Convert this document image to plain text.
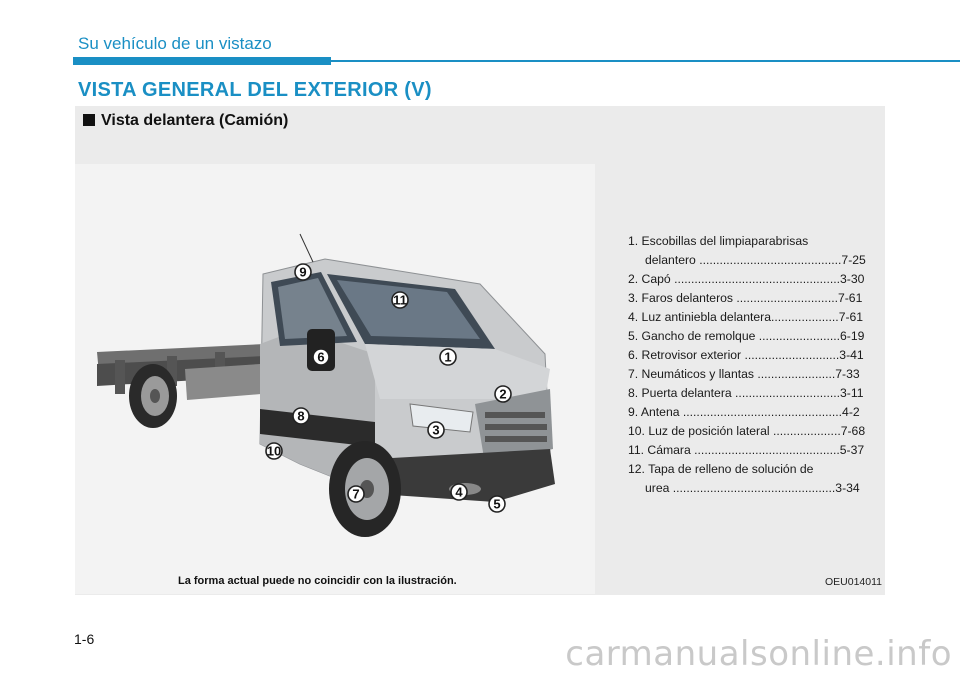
Su vehículo de un vistazo
VISTA GENERAL DEL EXTERIOR (V)
Vista delantera (Camión)
9
11
6	1
2
8
3
10
7	4
5
1. Escobillas del limpiaparabrisas
delantero ..........................................7-25
2. Capó .................................................3-30
3. Faros delanteros ..............................7-61
4. Luz antiniebla delantera....................7-61
5. Gancho de remolque ........................6-19
6. Retrovisor exterior ............................3-41
7. Neumáticos y llantas .......................7-33
8. Puerta delantera ...............................3-11
9. Antena ...............................................4-2
10. Luz de posición lateral ....................7-68
11. Cámara ...........................................5-37
12. Tapa de relleno de solución de
urea ................................................3-34
La forma actual puede no coincidir con la ilustración.	OEU014011
1-6	carmanualsonline.info
